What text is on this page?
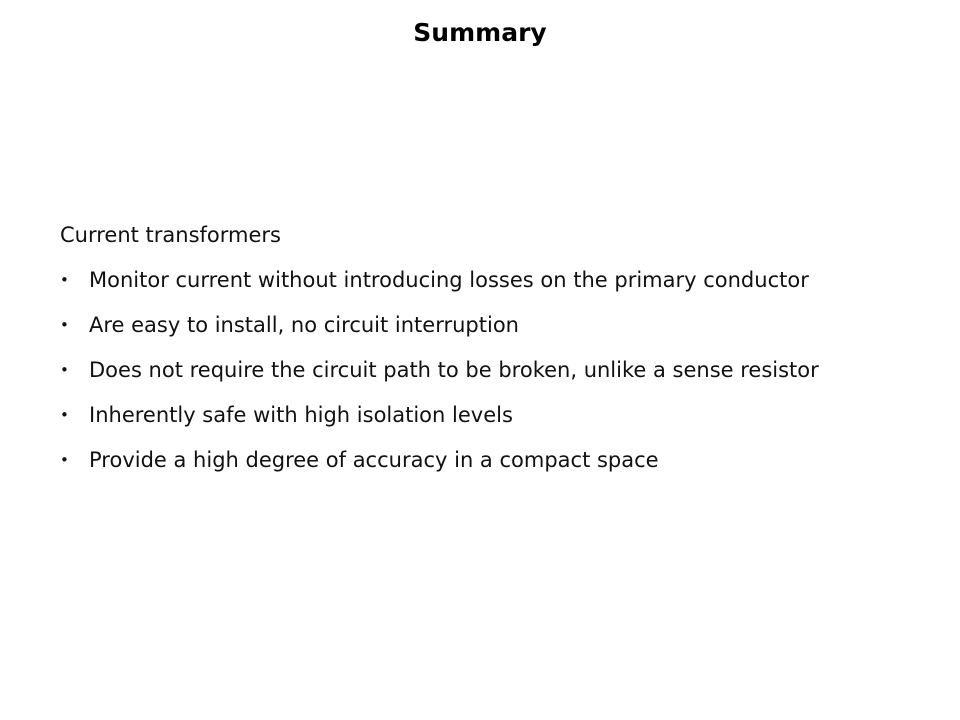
Summary

Current transformers

• Monitor current without introducing losses on the primary conductor
• Are easy to install, no circuit interruption
• Does not require the circuit path to be broken, unlike a sense resistor
• Inherently safe with high isolation levels
• Provide a high degree of accuracy in a compact space
